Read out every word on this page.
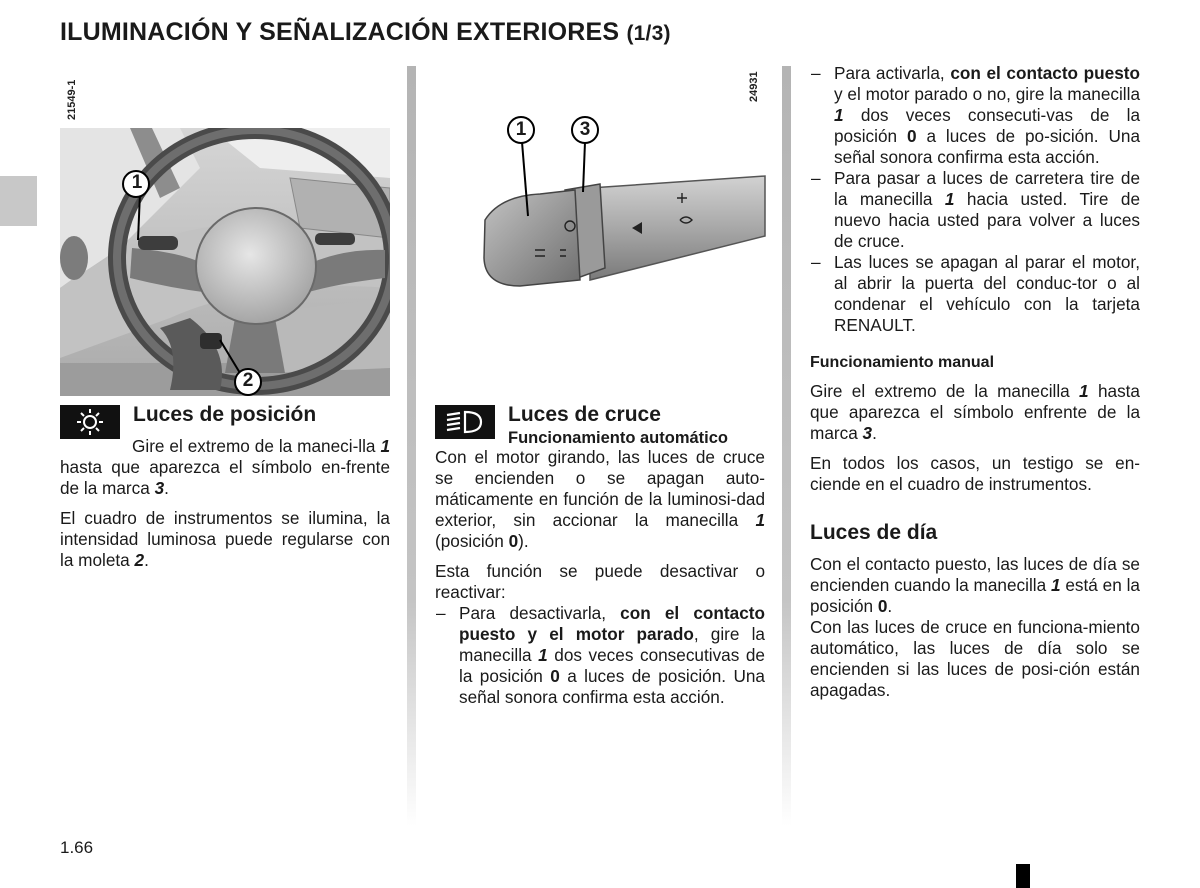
ILUMINACIÓN Y SEÑALIZACIÓN EXTERIORES (1/3)
21549-1
1
2
24931
1	3
Luces de posición

Gire el extremo de la maneci-lla 1 hasta que aparezca el símbolo en-frente de la marca 3.

El cuadro de instrumentos se ilumina, la intensidad luminosa puede regularse con la moleta 2.

Luces de cruce
Funcionamiento automático

Con el motor girando, las luces de cruce se encienden o se apagan auto-máticamente en función de la luminosi-dad exterior, sin accionar la manecilla 1 (posición 0).

Esta función se puede desactivar o reactivar:

– Para desactivarla, con el contacto puesto y el motor parado, gire la manecilla 1 dos veces consecutivas de la posición 0 a luces de posición. Una señal sonora confirma esta acción.

– Para activarla, con el contacto puesto y el motor parado o no, gire la manecilla 1 dos veces consecuti-vas de la posición 0 a luces de po-sición. Una señal sonora confirma esta acción.

– Para pasar a luces de carretera tire de la manecilla 1 hacia usted. Tire de nuevo hacia usted para volver a luces de cruce.

– Las luces se apagan al parar el motor, al abrir la puerta del conduc-tor o al condenar el vehículo con la tarjeta RENAULT.

Funcionamiento manual

Gire el extremo de la manecilla 1 hasta que aparezca el símbolo enfrente de la marca 3.

En todos los casos, un testigo se en-ciende en el cuadro de instrumentos.

Luces de día

Con el contacto puesto, las luces de día se encienden cuando la manecilla 1 está en la posición 0.

Con las luces de cruce en funciona-miento automático, las luces de día solo se encienden si las luces de posi-ción están apagadas.

1.66
